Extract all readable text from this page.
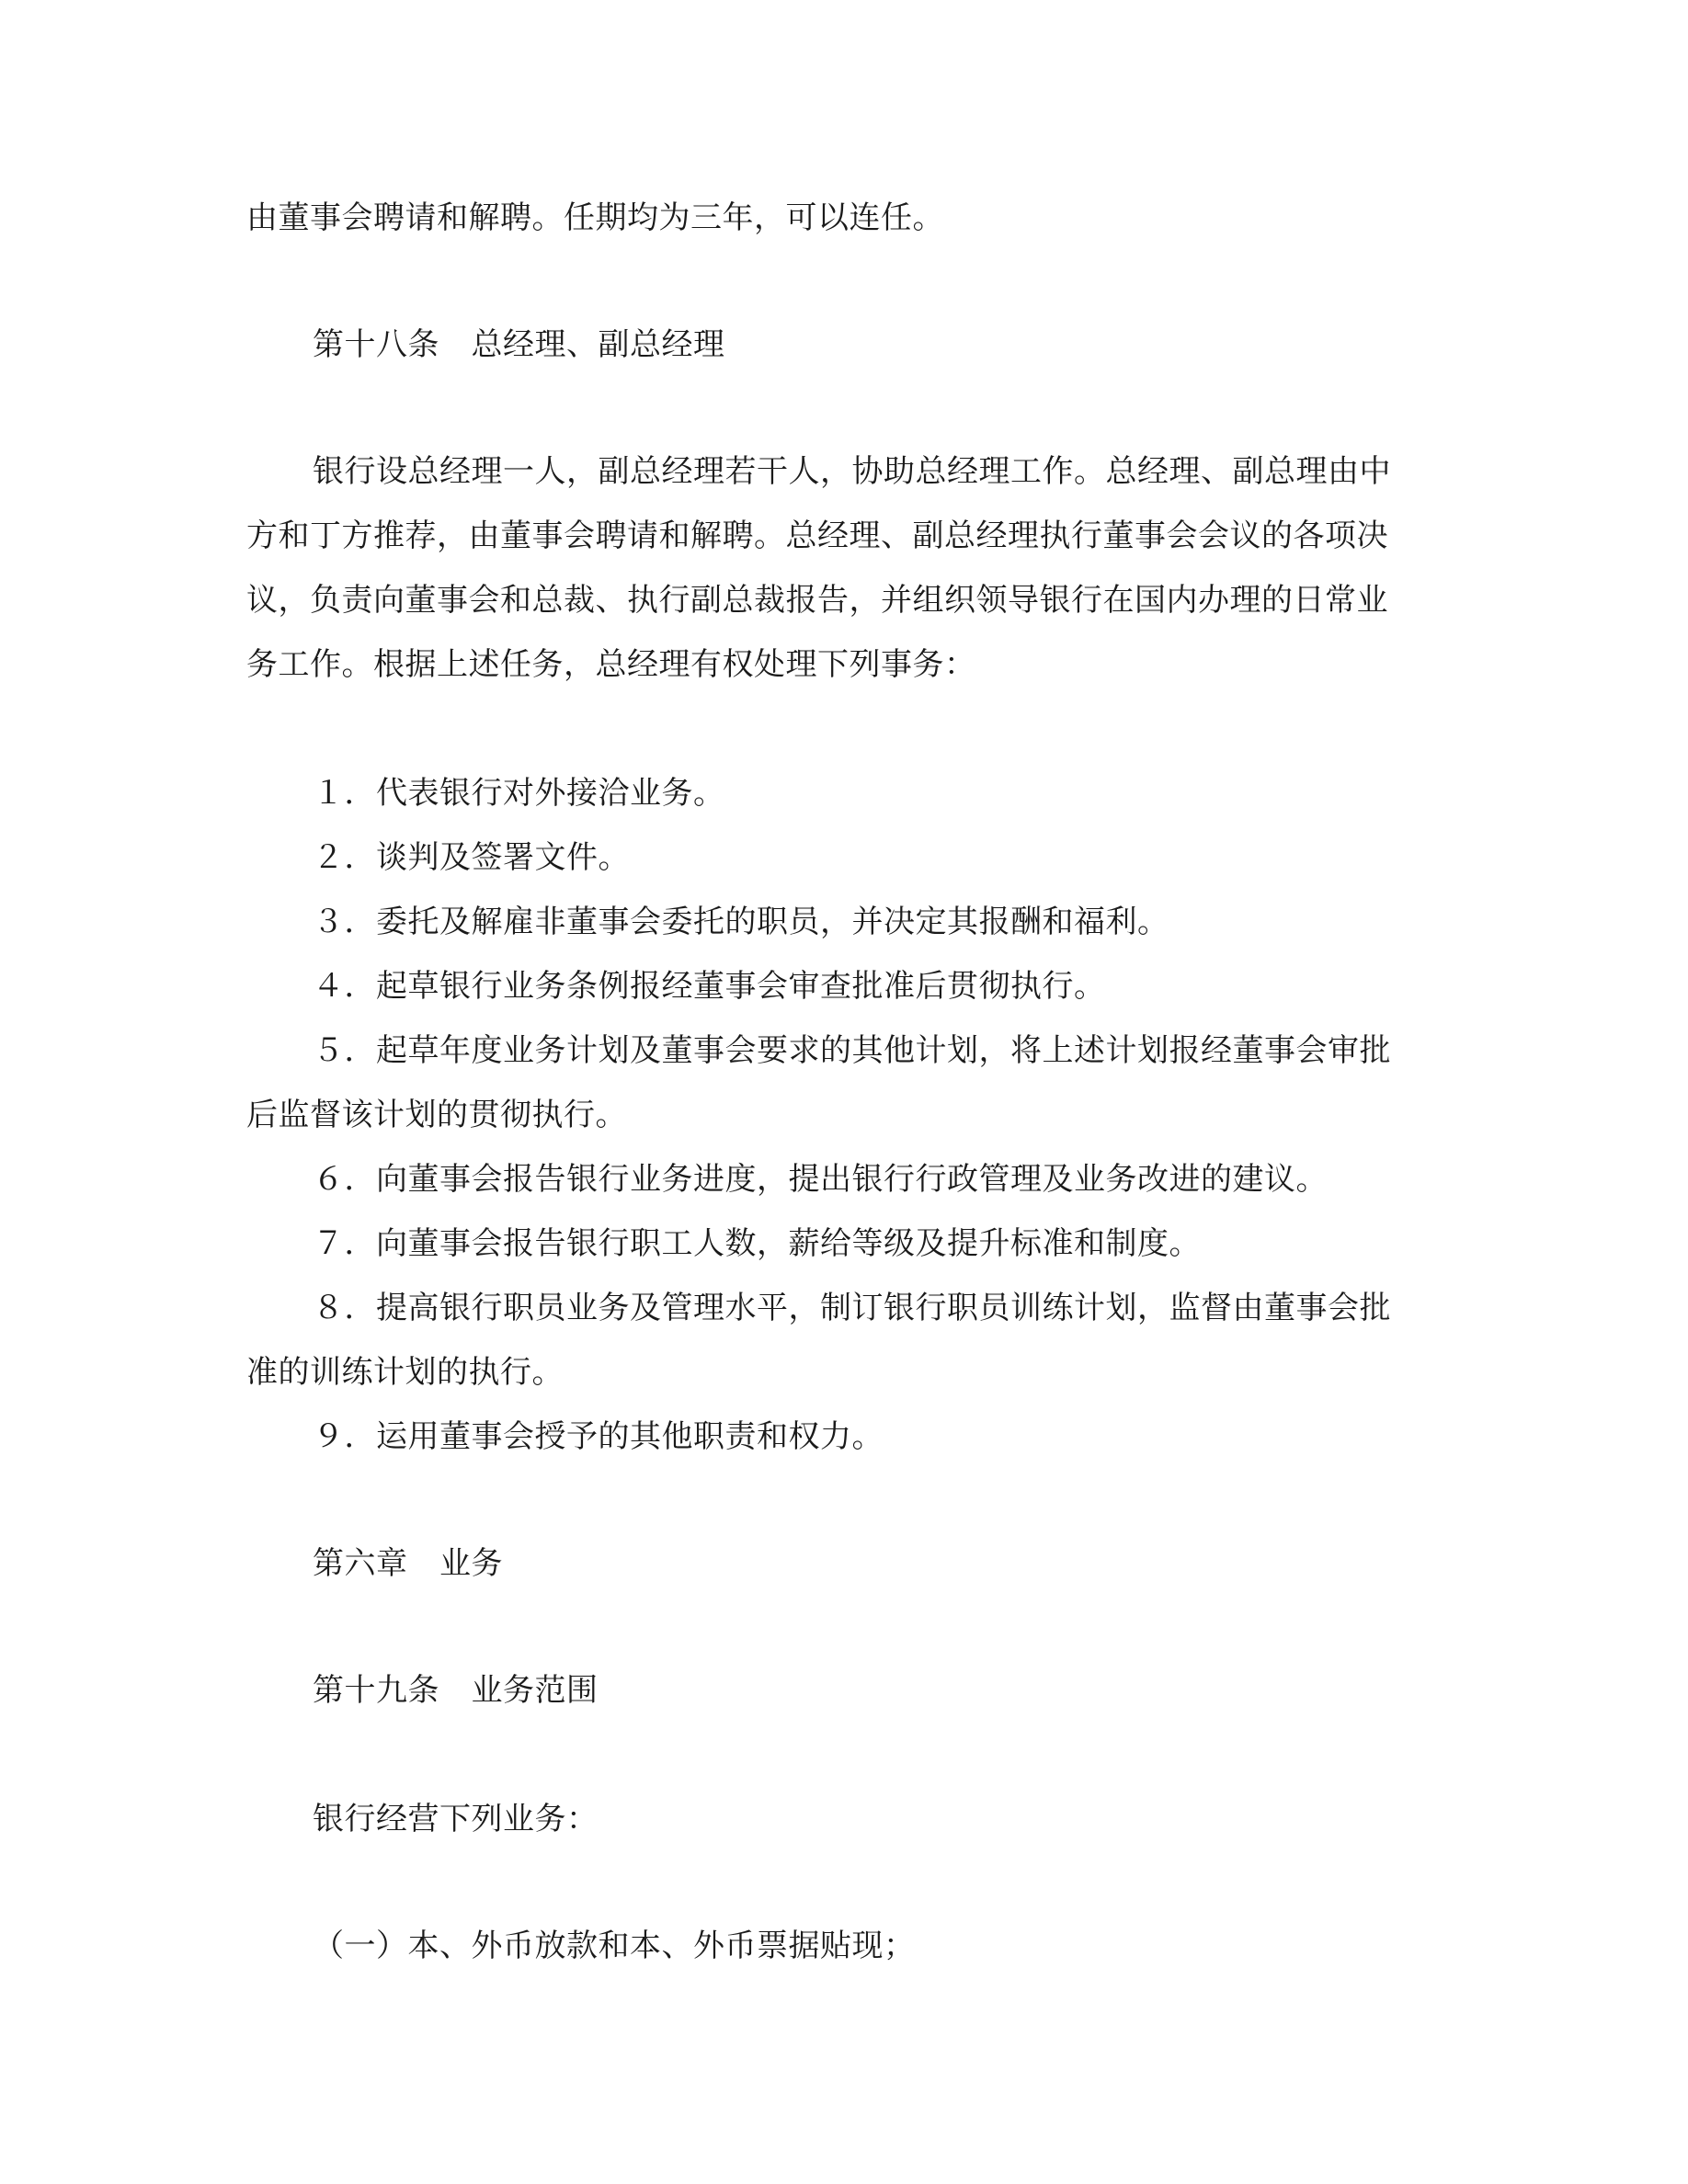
由董事会聘请和解聘。任期均为三年，可以连任。
第十八条　总经理、副总经理
银行设总经理一人，副总经理若干人，协助总经理工作。总经理、副总理由中
方和丁方推荐，由董事会聘请和解聘。总经理、副总经理执行董事会会议的各项决
议，负责向董事会和总裁、执行副总裁报告，并组织领导银行在国内办理的日常业
务工作。根据上述任务，总经理有权处理下列事务：
１．代表银行对外接洽业务。
２．谈判及签署文件。
３．委托及解雇非董事会委托的职员，并决定其报酬和福利。
４．起草银行业务条例报经董事会审查批准后贯彻执行。
５．起草年度业务计划及董事会要求的其他计划，将上述计划报经董事会审批
后监督该计划的贯彻执行。
６．向董事会报告银行业务进度，提出银行行政管理及业务改进的建议。
７．向董事会报告银行职工人数，薪给等级及提升标准和制度。
８．提高银行职员业务及管理水平，制订银行职员训练计划，监督由董事会批
准的训练计划的执行。
９．运用董事会授予的其他职责和权力。
第六章　业务
第十九条　业务范围
银行经营下列业务：
（一）本、外币放款和本、外币票据贴现；
